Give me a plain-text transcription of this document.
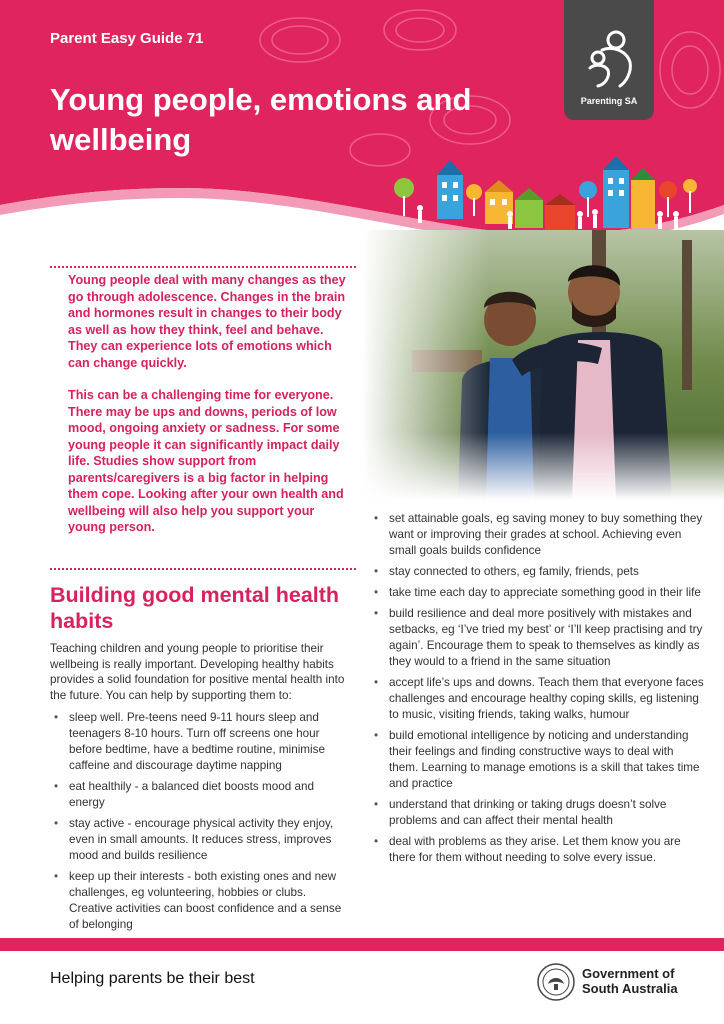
Parent Easy Guide 71
Young people, emotions and wellbeing
Parenting SA

Young people deal with many changes as they go through adolescence. Changes in the brain and hormones result in changes to their body as well as how they think, feel and behave. They can experience lots of emotions which can change quickly.

This can be a challenging time for everyone. There may be ups and downs, periods of low mood, ongoing anxiety or sadness. For some young people it can significantly impact daily life. Studies show support from parents/caregivers is a big factor in helping them cope. Looking after your own health and wellbeing will also help you support your young person.

Building good mental health habits

Teaching children and young people to prioritise their wellbeing is really important. Developing healthy habits provides a solid foundation for positive mental health into the future. You can help by supporting them to:

• sleep well. Pre-teens need 9-11 hours sleep and teenagers 8-10 hours. Turn off screens one hour before bedtime, have a bedtime routine, minimise caffeine and discourage daytime napping
• eat healthily - a balanced diet boosts mood and energy
• stay active - encourage physical activity they enjoy, even in small amounts. It reduces stress, improves mood and builds resilience
• keep up their interests - both existing ones and new challenges, eg volunteering, hobbies or clubs. Creative activities can boost confidence and a sense of belonging
• set attainable goals, eg saving money to buy something they want or improving their grades at school. Achieving even small goals builds confidence
• stay connected to others, eg family, friends, pets
• take time each day to appreciate something good in their life
• build resilience and deal more positively with mistakes and setbacks, eg ‘I’ve tried my best’ or ‘I’ll keep practising and try again’. Encourage them to speak to themselves as kindly as they would to a friend in the same situation
• accept life’s ups and downs. Teach them that everyone faces challenges and encourage healthy coping skills, eg listening to music, visiting friends, taking walks, humour
• build emotional intelligence by noticing and understanding their feelings and finding constructive ways to deal with them. Learning to manage emotions is a skill that takes time and practice
• understand that drinking or taking drugs doesn’t solve problems and can affect their mental health
• deal with problems as they arise. Let them know you are there for them without needing to solve every issue.
Helping parents be their best	Government of
South Australia
